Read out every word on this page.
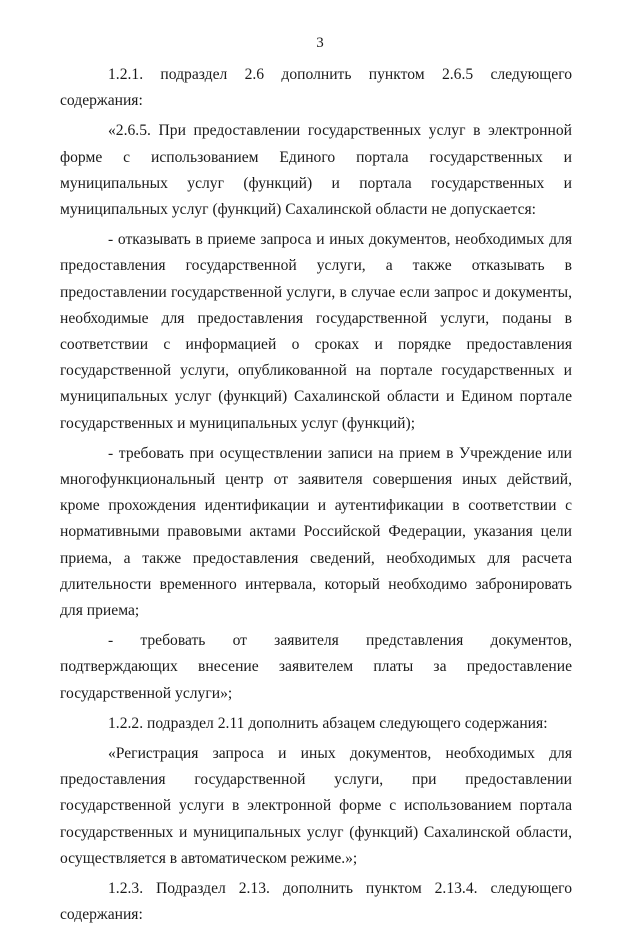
3

1.2.1. подраздел 2.6 дополнить пунктом 2.6.5 следующего содержания:

«2.6.5. При предоставлении государственных услуг в электронной форме с использованием Единого портала государственных и муниципальных услуг (функций) и портала государственных и муниципальных услуг (функций) Сахалинской области не допускается:

- отказывать в приеме запроса и иных документов, необходимых для предоставления государственной услуги, а также отказывать в предоставлении государственной услуги, в случае если запрос и документы, необходимые для предоставления государственной услуги, поданы в соответствии с информацией о сроках и порядке предоставления государственной услуги, опубликованной на портале государственных и муниципальных услуг (функций) Сахалинской области и Едином портале государственных и муниципальных услуг (функций);

- требовать при осуществлении записи на прием в Учреждение или многофункциональный центр от заявителя совершения иных действий, кроме прохождения идентификации и аутентификации в соответствии с нормативными правовыми актами Российской Федерации, указания цели приема, а также предоставления сведений, необходимых для расчета длительности временного интервала, который необходимо забронировать для приема;

- требовать от заявителя представления документов, подтверждающих внесение заявителем платы за предоставление государственной услуги»;

1.2.2. подраздел 2.11 дополнить абзацем следующего содержания:

«Регистрация запроса и иных документов, необходимых для предоставления государственной услуги, при предоставлении государственной услуги в электронной форме с использованием портала государственных и муниципальных услуг (функций) Сахалинской области, осуществляется в автоматическом режиме.»;

1.2.3. Подраздел 2.13. дополнить пунктом 2.13.4. следующего содержания:
